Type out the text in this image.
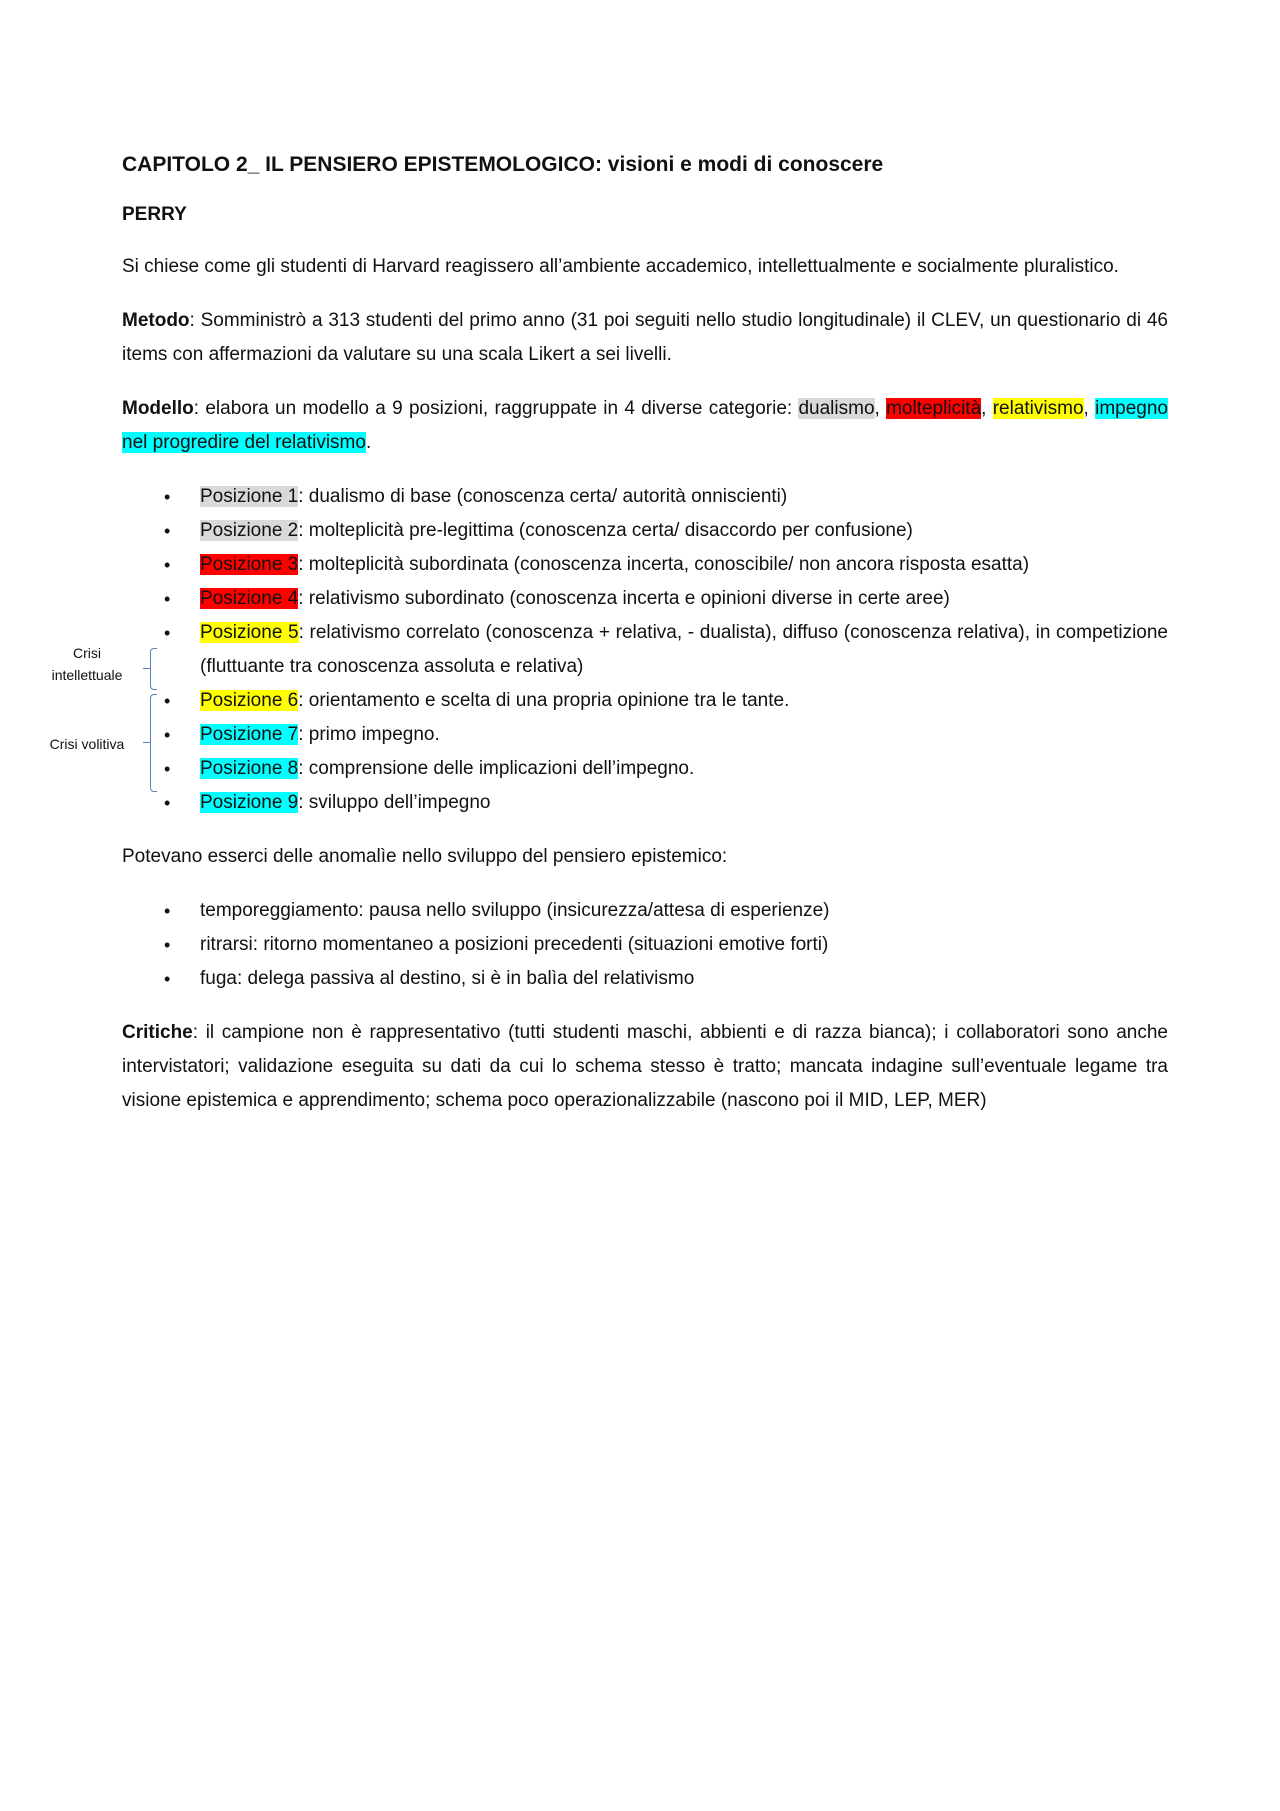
Crisi
intellettuale
Crisi volitiva
CAPITOLO 2_ IL PENSIERO EPISTEMOLOGICO: visioni e modi di conoscere
PERRY

Si chiese come gli studenti di Harvard reagissero all’ambiente accademico, intellettualmente e socialmente pluralistico.

Metodo: Somministrò a 313 studenti del primo anno (31 poi seguiti nello studio longitudinale) il CLEV, un questionario di 46 items con affermazioni da valutare su una scala Likert a sei livelli.

Modello: elabora un modello a 9 posizioni, raggruppate in 4 diverse categorie: dualismo, molteplicità, relativismo, impegno nel progredire del relativismo.

• Posizione 1: dualismo di base (conoscenza certa/ autorità onniscienti)
• Posizione 2: molteplicità pre-legittima (conoscenza certa/ disaccordo per confusione)
• Posizione 3: molteplicità subordinata (conoscenza incerta, conoscibile/ non ancora risposta esatta)
• Posizione 4: relativismo subordinato (conoscenza incerta e opinioni diverse in certe aree)
• Posizione 5: relativismo correlato (conoscenza + relativa, - dualista), diffuso (conoscenza relativa), in competizione (fluttuante tra conoscenza assoluta e relativa)
• Posizione 6: orientamento e scelta di una propria opinione tra le tante.
• Posizione 7: primo impegno.
• Posizione 8: comprensione delle implicazioni dell’impegno.
• Posizione 9: sviluppo dell’impegno

Potevano esserci delle anomalìe nello sviluppo del pensiero epistemico:

• temporeggiamento: pausa nello sviluppo (insicurezza/attesa di esperienze)
• ritrarsi: ritorno momentaneo a posizioni precedenti (situazioni emotive forti)
• fuga: delega passiva al destino, si è in balìa del relativismo

Critiche: il campione non è rappresentativo (tutti studenti maschi, abbienti e di razza bianca); i collaboratori sono anche intervistatori; validazione eseguita su dati da cui lo schema stesso è tratto; mancata indagine sull’eventuale legame tra visione epistemica e apprendimento; schema poco operazionalizzabile (nascono poi il MID, LEP, MER)
